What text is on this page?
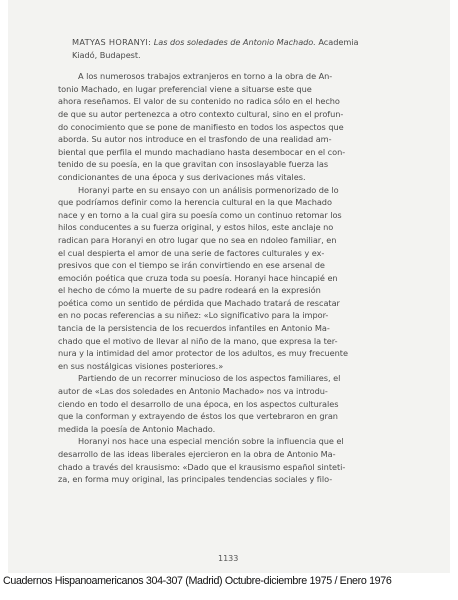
MATYAS HORANYI: Las dos soledades de Antonio Machado. Academia
Kiadó, Budapest.
A los numerosos trabajos extranjeros en torno a la obra de An-
tonio Machado, en lugar preferencial viene a situarse este que
ahora reseñamos. El valor de su contenido no radica sólo en el hecho
de que su autor pertenezca a otro contexto cultural, sino en el profun-
do conocimiento que se pone de manifiesto en todos los aspectos que
aborda. Su autor nos introduce en el trasfondo de una realidad am-
biental que perfila el mundo machadiano hasta desembocar en el con-
tenido de su poesía, en la que gravitan con insoslayable fuerza las
condicionantes de una época y sus derivaciones más vitales.
Horanyi parte en su ensayo con un análisis pormenorizado de lo
que podríamos definir como la herencia cultural en la que Machado
nace y en torno a la cual gira su poesía como un continuo retomar los
hilos conducentes a su fuerza original, y estos hilos, este anclaje no
radican para Horanyi en otro lugar que no sea en ndoleo familiar, en
el cual despierta el amor de una serie de factores culturales y ex-
presivos que con el tiempo se irán convirtiendo en ese arsenal de
emoción poética que cruza toda su poesía. Horanyi hace hincapié en
el hecho de cómo la muerte de su padre rodeará en la expresión
poética como un sentido de pérdida que Machado tratará de rescatar
en no pocas referencias a su niñez: «Lo significativo para la impor-
tancia de la persistencia de los recuerdos infantiles en Antonio Ma-
chado que el motivo de llevar al niño de la mano, que expresa la ter-
nura y la intimidad del amor protector de los adultos, es muy frecuente
en sus nostálgicas visiones posteriores.»
Partiendo de un recorrer minucioso de los aspectos familiares, el
autor de «Las dos soledades en Antonio Machado» nos va introdu-
ciendo en todo el desarrollo de una época, en los aspectos culturales
que la conforman y extrayendo de éstos los que vertebraron en gran
medida la poesía de Antonio Machado.
Horanyi nos hace una especial mención sobre la influencia que el
desarrollo de las ideas liberales ejercieron en la obra de Antonio Ma-
chado a través del krausismo: «Dado que el krausismo español sinteti-
za, en forma muy original, las principales tendencias sociales y filo-
1133
Cuadernos Hispanoamericanos 304-307 (Madrid) Octubre-diciembre 1975 / Enero 1976
